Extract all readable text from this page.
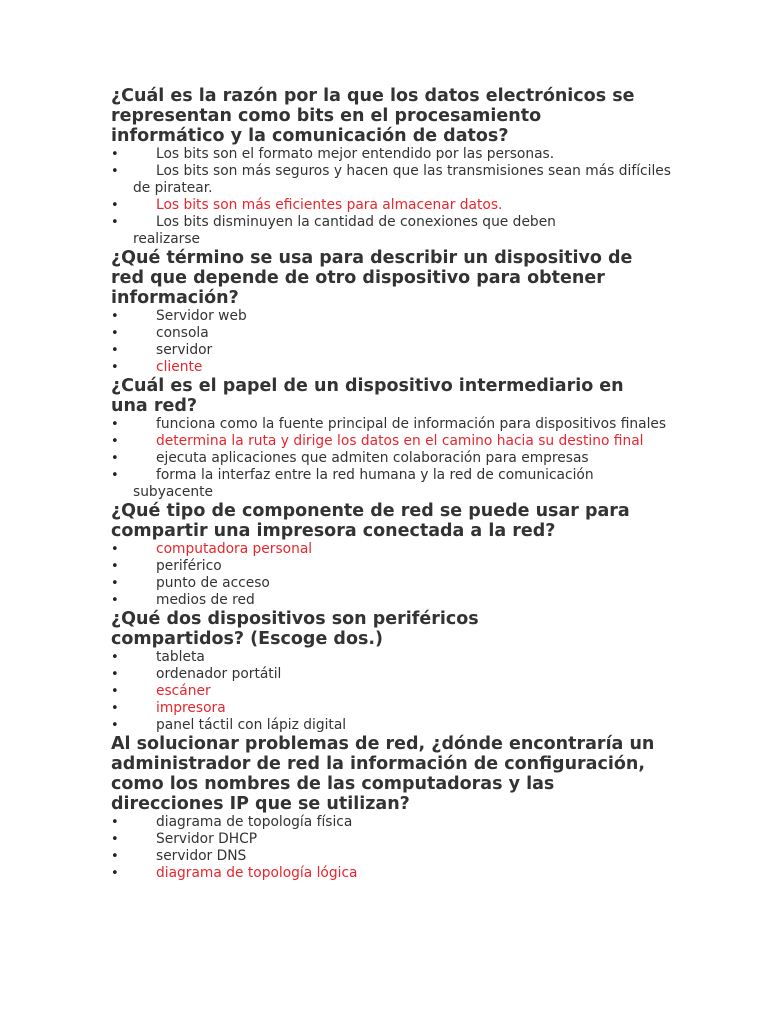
¿Cuál es la razón por la que los datos electrónicos se representan como bits en el procesamiento informático y la comunicación de datos?
• Los bits son el formato mejor entendido por las personas.
• Los bits son más seguros y hacen que las transmisiones sean más difíciles de piratear.
• Los bits son más eficientes para almacenar datos.
• Los bits disminuyen la cantidad de conexiones que deben realizarse
¿Qué término se usa para describir un dispositivo de red que depende de otro dispositivo para obtener información?
• Servidor web
• consola
• servidor
• cliente
¿Cuál es el papel de un dispositivo intermediario en una red?
• funciona como la fuente principal de información para dispositivos finales
• determina la ruta y dirige los datos en el camino hacia su destino final
• ejecuta aplicaciones que admiten colaboración para empresas
• forma la interfaz entre la red humana y la red de comunicación subyacente
¿Qué tipo de componente de red se puede usar para compartir una impresora conectada a la red?
• computadora personal
• periférico
• punto de acceso
• medios de red
¿Qué dos dispositivos son periféricos compartidos? (Escoge dos.)
• tableta
• ordenador portátil
• escáner
• impresora
• panel táctil con lápiz digital
Al solucionar problemas de red, ¿dónde encontraría un administrador de red la información de configuración, como los nombres de las computadoras y las direcciones IP que se utilizan?
• diagrama de topología física
• Servidor DHCP
• servidor DNS
• diagrama de topología lógica
